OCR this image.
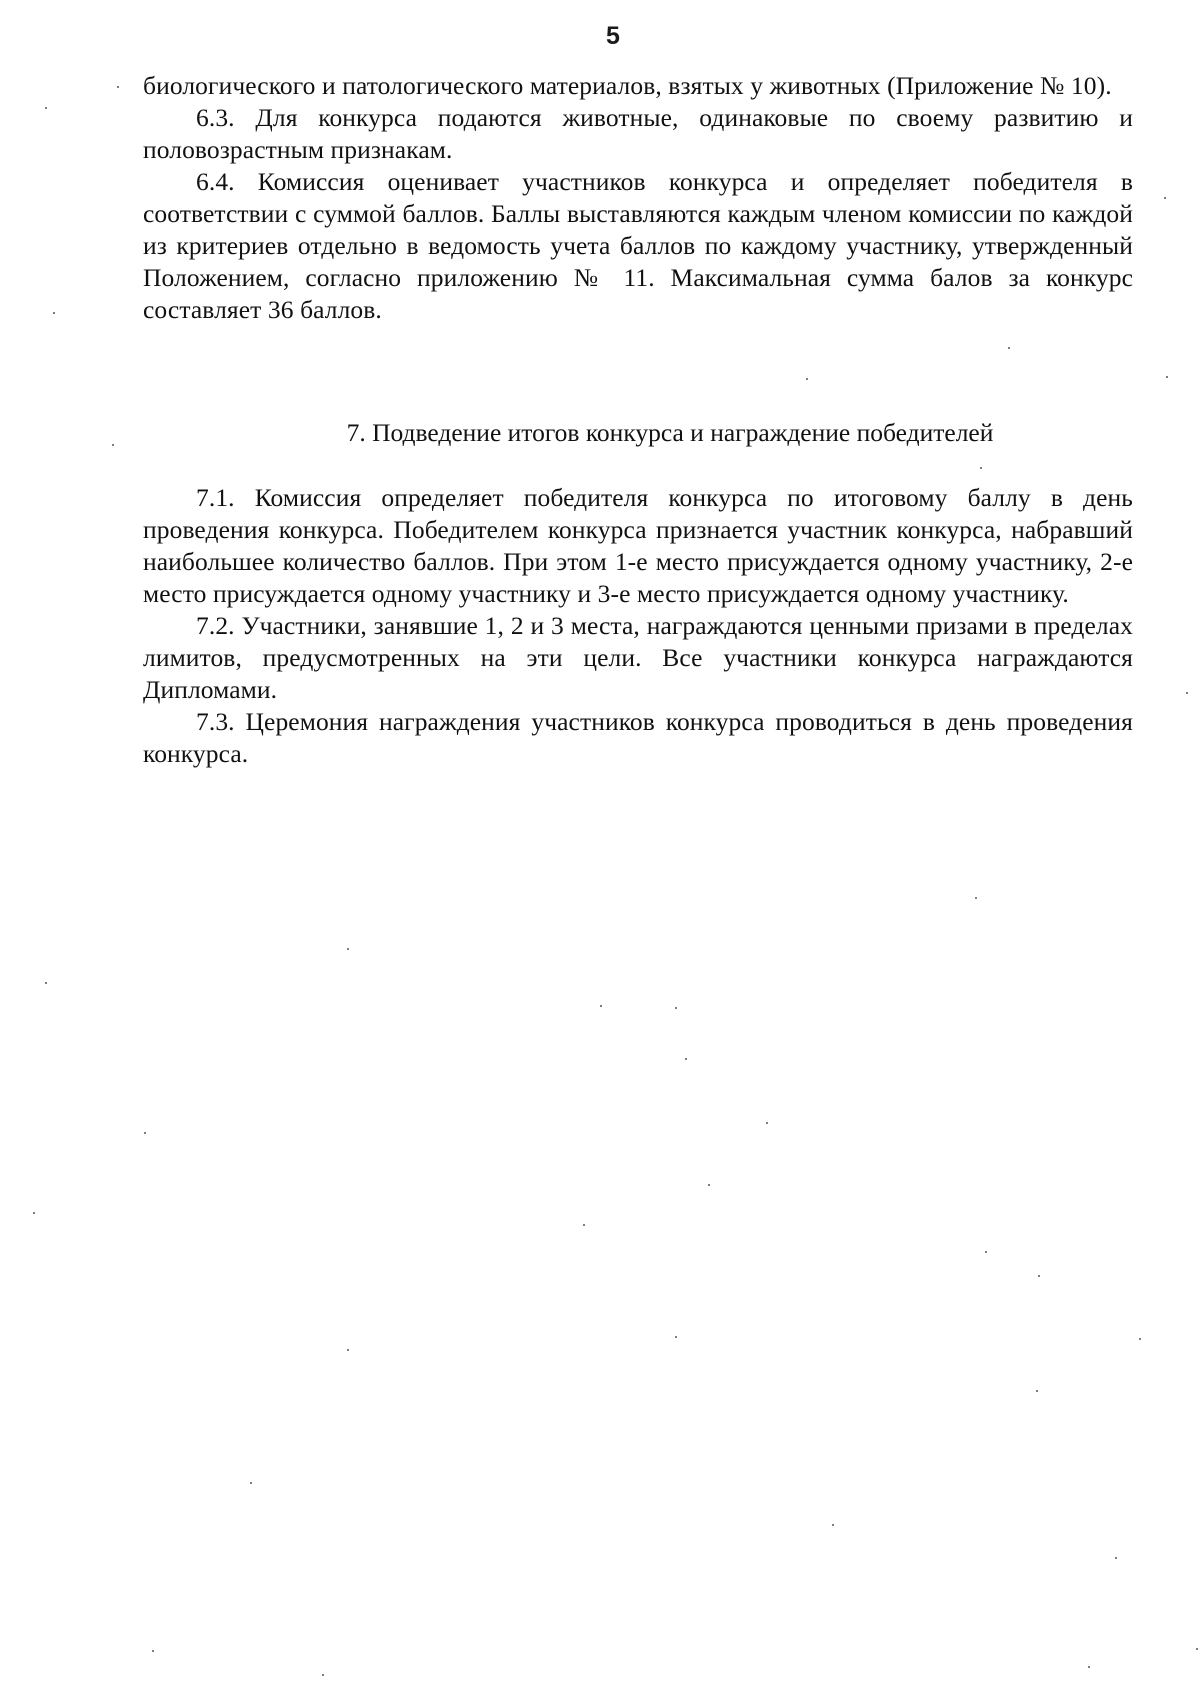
5

биологического и патологического материалов, взятых у животных (Приложение № 10).

6.3. Для конкурса подаются животные, одинаковые по своему развитию и половозрастным признакам.

6.4. Комиссия оценивает участников конкурса и определяет победителя в соответствии с суммой баллов. Баллы выставляются каждым членом комиссии по каждой из критериев отдельно в ведомость учета баллов по каждому участнику, утвержденный Положением, согласно приложению № 11. Максимальная сумма балов за конкурс составляет 36 баллов.

7. Подведение итогов конкурса и награждение победителей

7.1. Комиссия определяет победителя конкурса по итоговому баллу в день проведения конкурса. Победителем конкурса признается участник конкурса, набравший наибольшее количество баллов. При этом 1-е место присуждается одному участнику, 2-е место присуждается одному участнику и 3-е место присуждается одному участнику.

7.2. Участники, занявшие 1, 2 и 3 места, награждаются ценными призами в пределах лимитов, предусмотренных на эти цели. Все участники конкурса награждаются Дипломами.

7.3. Церемония награждения участников конкурса проводиться в день проведения конкурса.
